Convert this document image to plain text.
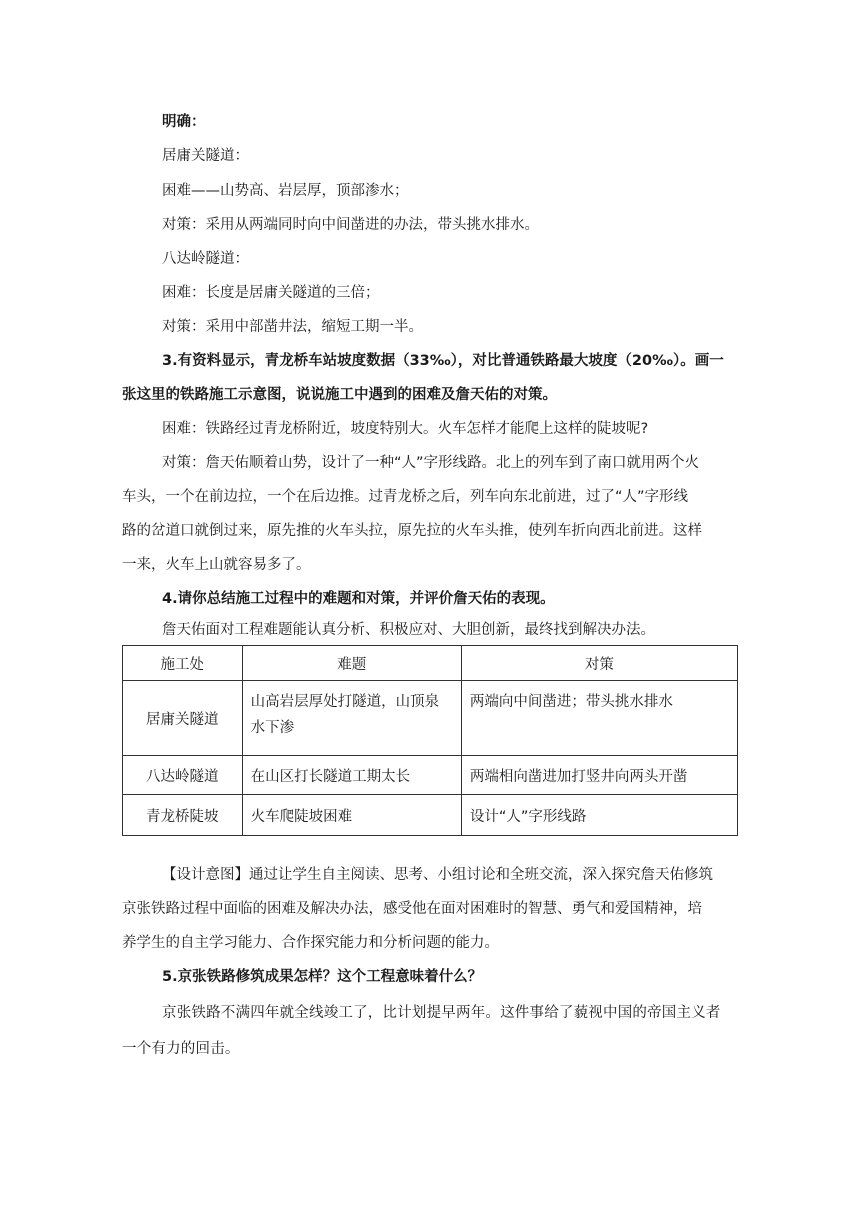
明确：
居庸关隧道：
困难——山势高、岩层厚，顶部渗水；
对策：采用从两端同时向中间凿进的办法，带头挑水排水。
八达岭隧道：
困难：长度是居庸关隧道的三倍；
对策：采用中部凿井法，缩短工期一半。
3.有资料显示，青龙桥车站坡度数据（33‰），对比普通铁路最大坡度（20‰）。画一
张这里的铁路施工示意图，说说施工中遇到的困难及詹天佑的对策。
困难：铁路经过青龙桥附近，坡度特别大。火车怎样才能爬上这样的陡坡呢?
对策：詹天佑顺着山势，设计了一种“人”字形线路。北上的列车到了南口就用两个火
车头，一个在前边拉，一个在后边推。过青龙桥之后，列车向东北前进，过了“人”字形线
路的岔道口就倒过来，原先推的火车头拉，原先拉的火车头推，使列车折向西北前进。这样
一来，火车上山就容易多了。
4.请你总结施工过程中的难题和对策，并评价詹天佑的表现。
詹天佑面对工程难题能认真分析、积极应对、大胆创新，最终找到解决办法。
施工处	难题	对策
居庸关隧道	山高岩层厚处打隧道，山顶泉水下渗	两端向中间凿进；带头挑水排水
八达岭隧道	在山区打长隧道工期太长	两端相向凿进加打竖井向两头开凿
青龙桥陡坡	火车爬陡坡困难	设计“人”字形线路
【设计意图】通过让学生自主阅读、思考、小组讨论和全班交流，深入探究詹天佑修筑
京张铁路过程中面临的困难及解决办法，感受他在面对困难时的智慧、勇气和爱国精神，培
养学生的自主学习能力、合作探究能力和分析问题的能力。
5.京张铁路修筑成果怎样？这个工程意味着什么？
京张铁路不满四年就全线竣工了，比计划提早两年。这件事给了藐视中国的帝国主义者
一个有力的回击。
